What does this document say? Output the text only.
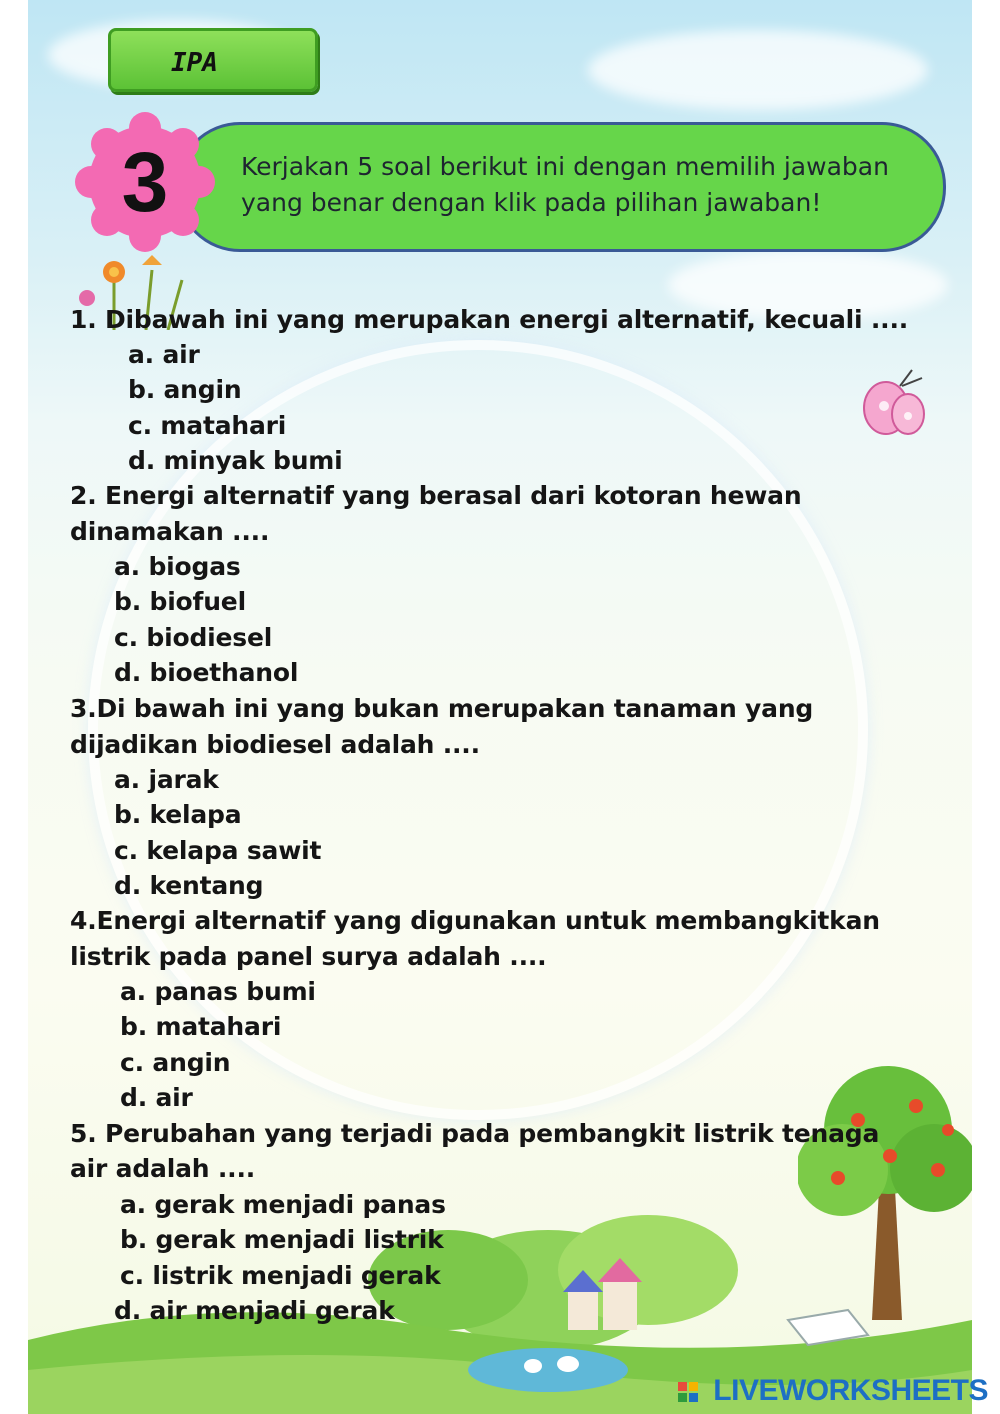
IPA
Kerjakan 5 soal berikut ini dengan memilih jawaban
yang benar dengan klik pada pilihan jawaban!
3
1. Dibawah ini yang merupakan energi alternatif, kecuali ....
a. air
b. angin
c. matahari
d. minyak bumi
2. Energi alternatif yang berasal dari kotoran hewan
dinamakan ....
a. biogas
b. biofuel
c. biodiesel
d. bioethanol
3.Di bawah ini yang bukan merupakan tanaman yang
dijadikan biodiesel adalah ....
a. jarak
b. kelapa
c. kelapa sawit
d. kentang
4.Energi alternatif yang digunakan untuk membangkitkan
listrik pada panel surya adalah ....
a. panas bumi
b. matahari
c. angin
d. air
5. Perubahan yang terjadi pada pembangkit listrik tenaga
air adalah ....
a. gerak menjadi panas
b. gerak menjadi listrik
c. listrik menjadi gerak
d. air menjadi gerak
LIVEWORKSHEETS
